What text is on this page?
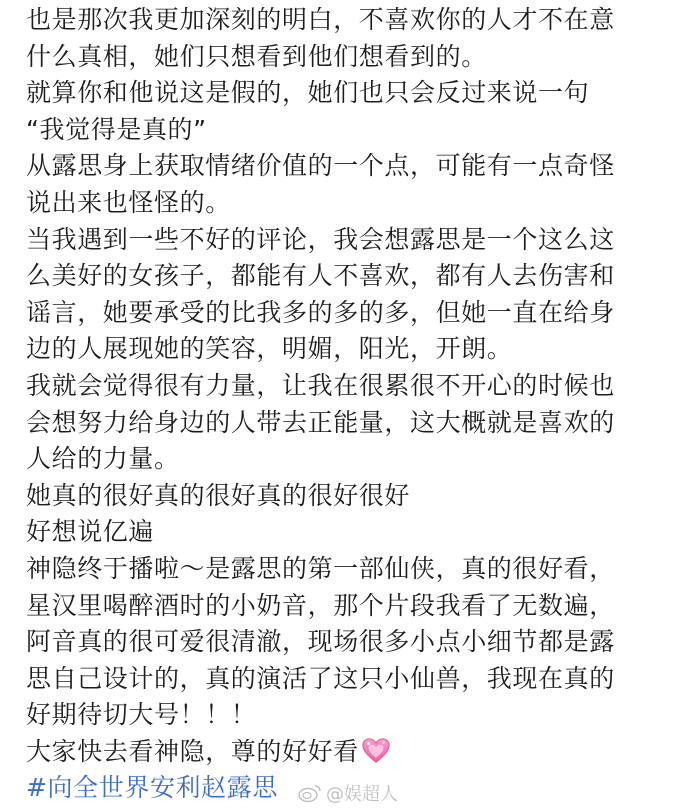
也是那次我更加深刻的明白，不喜欢你的人才不在意
什么真相，她们只想看到他们想看到的。
就算你和他说这是假的，她们也只会反过来说一句
“我觉得是真的”
从露思身上获取情绪价值的一个点，可能有一点奇怪
说出来也怪怪的。
当我遇到一些不好的评论，我会想露思是一个这么这
么美好的女孩子，都能有人不喜欢，都有人去伤害和
谣言，她要承受的比我多的多的多，但她一直在给身
边的人展现她的笑容，明媚，阳光，开朗。
我就会觉得很有力量，让我在很累很不开心的时候也
会想努力给身边的人带去正能量，这大概就是喜欢的
人给的力量。
她真的很好真的很好真的很好很好
好想说亿遍
神隐终于播啦～是露思的第一部仙侠，真的很好看，
星汉里喝醉酒时的小奶音，那个片段我看了无数遍，
阿音真的很可爱很清澈，现场很多小点小细节都是露
思自己设计的，真的演活了这只小仙兽，我现在真的
好期待切大号！！！
大家快去看神隐，尊的好好看
#向全世界安利赵露思	@娱超人
